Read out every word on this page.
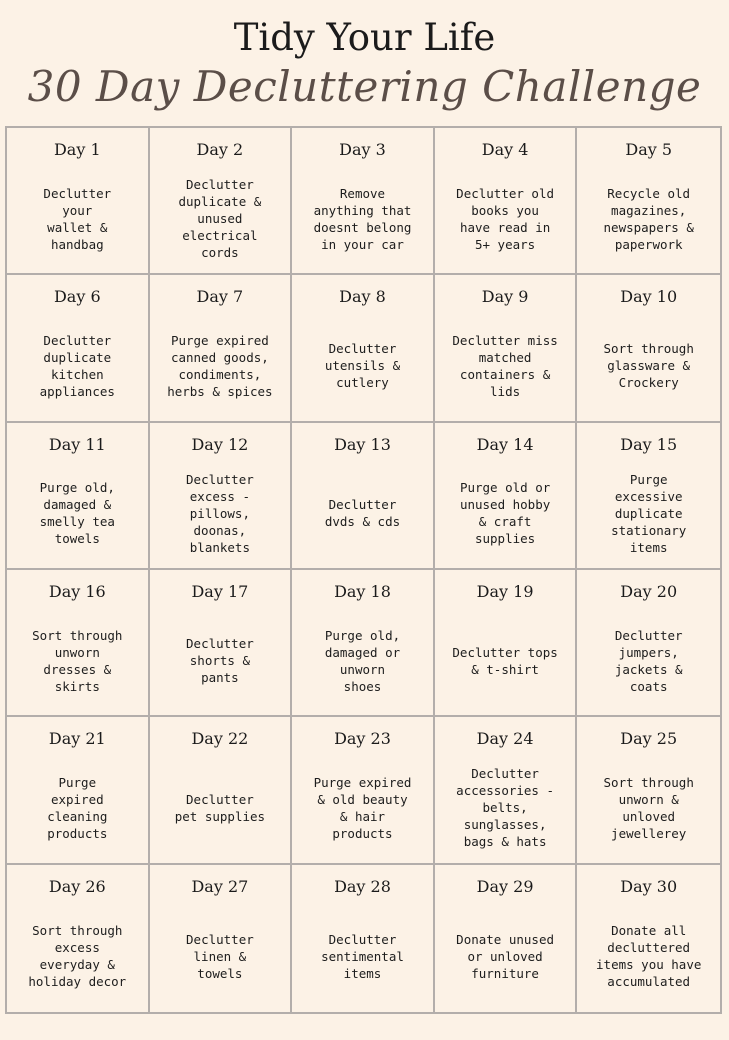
Tidy Your Life
30 Day Decluttering Challenge
Day 1
Declutter
your
wallet &
handbag
Day 2
Declutter
duplicate &
unused
electrical
cords
Day 3
Remove
anything that
doesnt belong
in your car
Day 4
Declutter old
books you
have read in
5+ years
Day 5
Recycle old
magazines,
newspapers &
paperwork
Day 6
Declutter
duplicate
kitchen
appliances
Day 7
Purge expired
canned goods,
condiments,
herbs & spices
Day 8
Declutter
utensils &
cutlery
Day 9
Declutter miss
matched
containers &
lids
Day 10
Sort through
glassware &
Crockery
Day 11
Purge old,
damaged &
smelly tea
towels
Day 12
Declutter
excess -
pillows,
doonas,
blankets
Day 13
Declutter
dvds & cds
Day 14
Purge old or
unused hobby
& craft
supplies
Day 15
Purge
excessive
duplicate
stationary
items
Day 16
Sort through
unworn
dresses &
skirts
Day 17
Declutter
shorts &
pants
Day 18
Purge old,
damaged or
unworn
shoes
Day 19
Declutter tops
& t-shirt
Day 20
Declutter
jumpers,
jackets &
coats
Day 21
Purge
expired
cleaning
products
Day 22
Declutter
pet supplies
Day 23
Purge expired
& old beauty
& hair
products
Day 24
Declutter
accessories -
belts,
sunglasses,
bags & hats
Day 25
Sort through
unworn &
unloved
jewellerey
Day 26
Sort through
excess
everyday &
holiday decor
Day 27
Declutter
linen &
towels
Day 28
Declutter
sentimental
items
Day 29
Donate unused
or unloved
furniture
Day 30
Donate all
decluttered
items you have
accumulated
